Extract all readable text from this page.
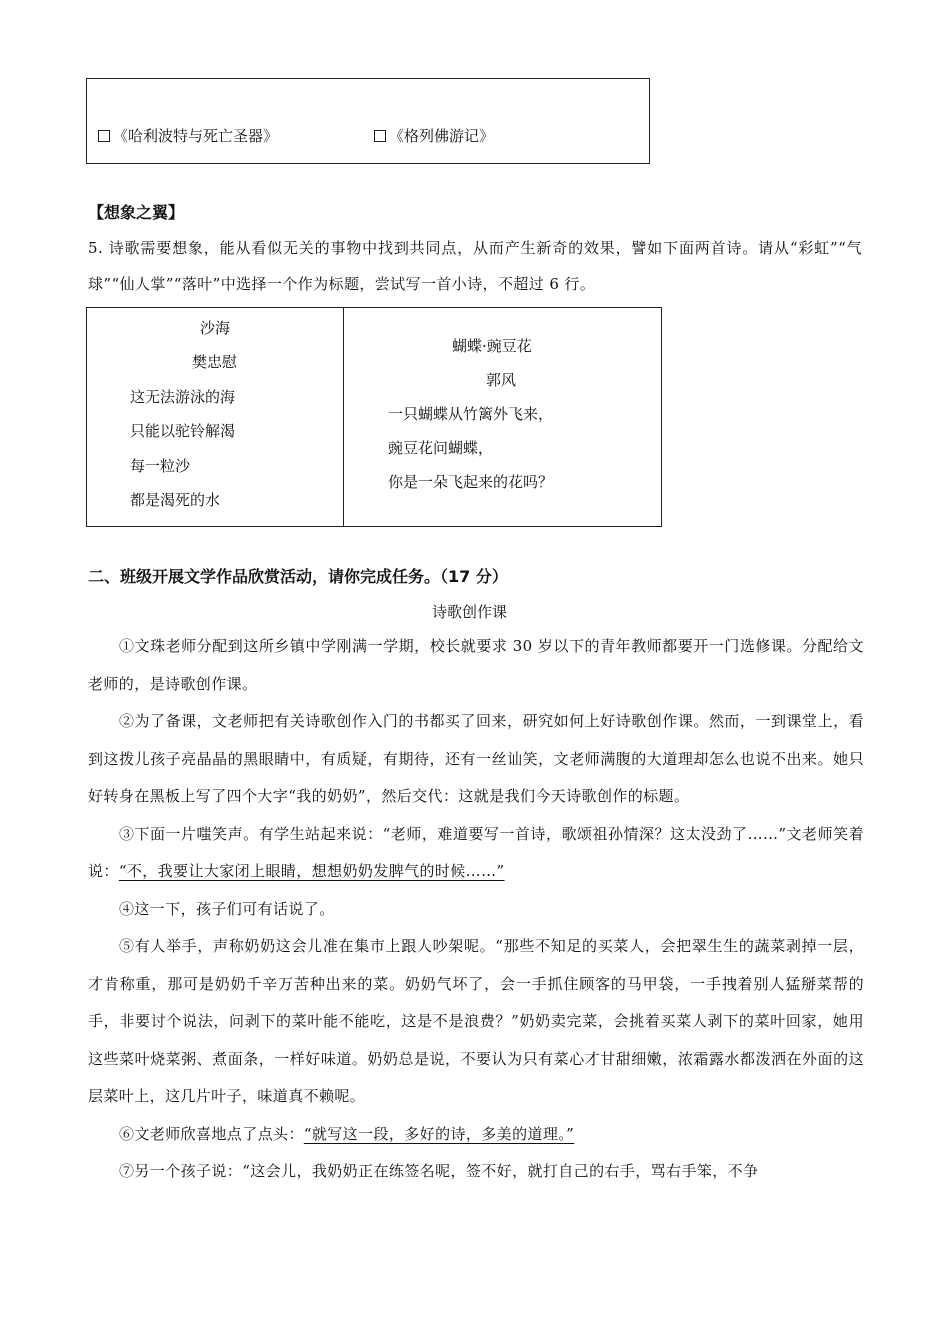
《哈利波特与死亡圣器》	《格列佛游记》
【想象之翼】
5. 诗歌需要想象，能从看似无关的事物中找到共同点，从而产生新奇的效果，譬如下面两首诗。请从“彩虹”“气球”“仙人掌”“落叶”中选择一个作为标题，尝试写一首小诗，不超过 6 行。
沙海
樊忠慰
这无法游泳的海
只能以驼铃解渴
每一粒沙
都是渴死的水
蝴蝶·豌豆花
郭风
一只蝴蝶从竹篱外飞来，
豌豆花问蝴蝶，
你是一朵飞起来的花吗？
二、班级开展文学作品欣赏活动，请你完成任务。（17 分）
诗歌创作课
①文珠老师分配到这所乡镇中学刚满一学期，校长就要求 30 岁以下的青年教师都要开一门选修课。分配给文老师的，是诗歌创作课。
②为了备课，文老师把有关诗歌创作入门的书都买了回来，研究如何上好诗歌创作课。然而，一到课堂上，看到这拨儿孩子亮晶晶的黑眼睛中，有质疑，有期待，还有一丝讪笑，文老师满腹的大道理却怎么也说不出来。她只好转身在黑板上写了四个大字“我的奶奶”，然后交代：这就是我们今天诗歌创作的标题。
③下面一片嗤笑声。有学生站起来说：“老师，难道要写一首诗，歌颂祖孙情深？这太没劲了……”文老师笑着说：“不，我要让大家闭上眼睛，想想奶奶发脾气的时候……”
④这一下，孩子们可有话说了。
⑤有人举手，声称奶奶这会儿准在集市上跟人吵架呢。“那些不知足的买菜人，会把翠生生的蔬菜剥掉一层，才肯称重，那可是奶奶千辛万苦种出来的菜。奶奶气坏了，会一手抓住顾客的马甲袋，一手拽着别人猛掰菜帮的手，非要讨个说法，问剥下的菜叶能不能吃，这是不是浪费？”奶奶卖完菜，会挑着买菜人剥下的菜叶回家，她用这些菜叶烧菜粥、煮面条，一样好味道。奶奶总是说，不要认为只有菜心才甘甜细嫩，浓霜露水都泼洒在外面的这层菜叶上，这几片叶子，味道真不赖呢。
⑥文老师欣喜地点了点头：“就写这一段，多好的诗，多美的道理。”
⑦另一个孩子说：“这会儿，我奶奶正在练签名呢，签不好，就打自己的右手，骂右手笨，不争
